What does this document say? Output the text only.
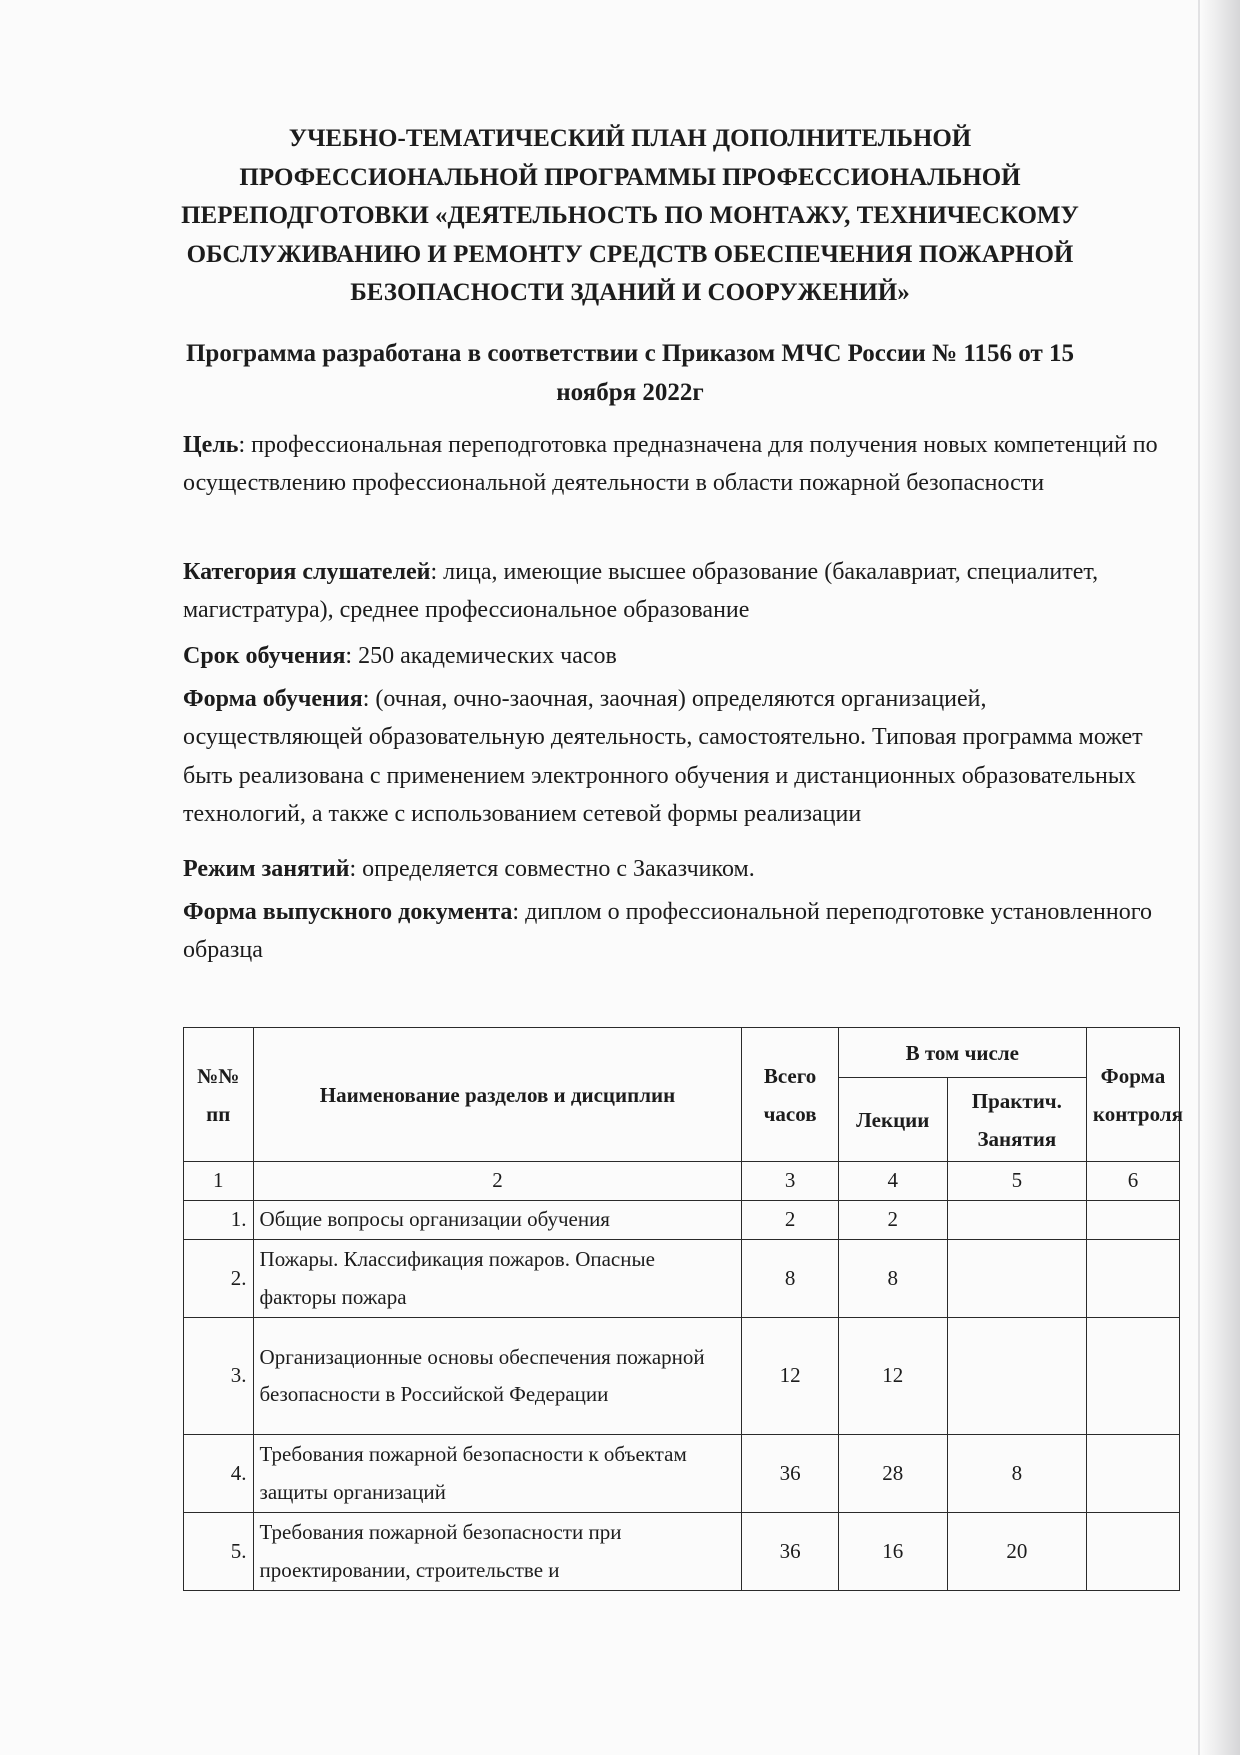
УЧЕБНО-ТЕМАТИЧЕСКИЙ ПЛАН ДОПОЛНИТЕЛЬНОЙ ПРОФЕССИОНАЛЬНОЙ ПРОГРАММЫ ПРОФЕССИОНАЛЬНОЙ ПЕРЕПОДГОТОВКИ «ДЕЯТЕЛЬНОСТЬ ПО МОНТАЖУ, ТЕХНИЧЕСКОМУ ОБСЛУЖИВАНИЮ И РЕМОНТУ СРЕДСТВ ОБЕСПЕЧЕНИЯ ПОЖАРНОЙ БЕЗОПАСНОСТИ ЗДАНИЙ И СООРУЖЕНИЙ»
Программа разработана в соответствии с Приказом МЧС России № 1156 от 15 ноября 2022г
Цель: профессиональная переподготовка предназначена для получения новых компетенций по осуществлению профессиональной деятельности в области пожарной безопасности
Категория слушателей: лица, имеющие высшее образование (бакалавриат, специалитет, магистратура), среднее профессиональное образование
Срок обучения: 250 академических часов
Форма обучения: (очная, очно-заочная, заочная) определяются организацией, осуществляющей образовательную деятельность, самостоятельно. Типовая программа может быть реализована с применением электронного обучения и дистанционных образовательных технологий, а также с использованием сетевой формы реализации
Режим занятий: определяется совместно с Заказчиком.
Форма выпускного документа: диплом о профессиональной переподготовке установленного образца
№№ пп	Наименование разделов и дисциплин	Всего часов	В том числе		Форма контроля
			Лекции	Практич. Занятия	
1	2	3	4	5	6
1.	Общие вопросы организации обучения	2	2		
2.	Пожары. Классификация пожаров. Опасные факторы пожара	8	8		
3.	Организационные основы обеспечения пожарной безопасности в Российской Федерации	12	12		
4.	Требования пожарной безопасности к объектам защиты организаций	36	28	8	
5.	Требования пожарной безопасности при проектировании, строительстве и	36	16	20	
